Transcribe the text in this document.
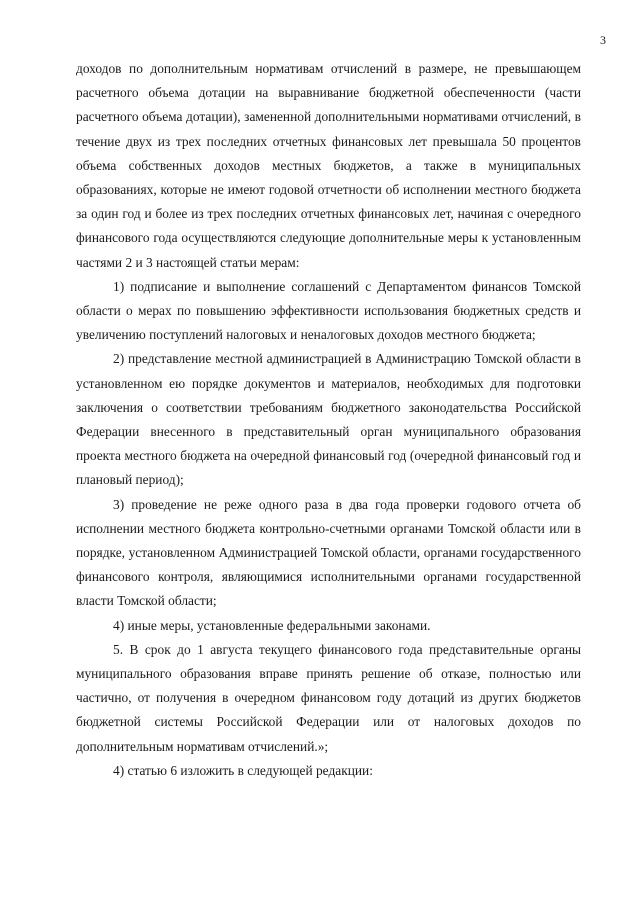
3

доходов по дополнительным нормативам отчислений в размере, не превышающем расчетного объема дотации на выравнивание бюджетной обеспеченности (части расчетного объема дотации), замененной дополнительными нормативами отчислений, в течение двух из трех последних отчетных финансовых лет превышала 50 процентов объема собственных доходов местных бюджетов, а также в муниципальных образованиях, которые не имеют годовой отчетности об исполнении местного бюджета за один год и более из трех последних отчетных финансовых лет, начиная с очередного финансового года осуществляются следующие дополнительные меры к установленным частями 2 и 3 настоящей статьи мерам:

1) подписание и выполнение соглашений с Департаментом финансов Томской области о мерах по повышению эффективности использования бюджетных средств и увеличению поступлений налоговых и неналоговых доходов местного бюджета;

2) представление местной администрацией в Администрацию Томской области в установленном ею порядке документов и материалов, необходимых для подготовки заключения о соответствии требованиям бюджетного законодательства Российской Федерации внесенного в представительный орган муниципального образования проекта местного бюджета на очередной финансовый год (очередной финансовый год и плановый период);

3) проведение не реже одного раза в два года проверки годового отчета об исполнении местного бюджета контрольно-счетными органами Томской области или в порядке, установленном Администрацией Томской области, органами государственного финансового контроля, являющимися исполнительными органами государственной власти Томской области;

4) иные меры, установленные федеральными законами.

5. В срок до 1 августа текущего финансового года представительные органы муниципального образования вправе принять решение об отказе, полностью или частично, от получения в очередном финансовом году дотаций из других бюджетов бюджетной системы Российской Федерации или от налоговых доходов по дополнительным нормативам отчислений.»;

4) статью 6 изложить в следующей редакции:
